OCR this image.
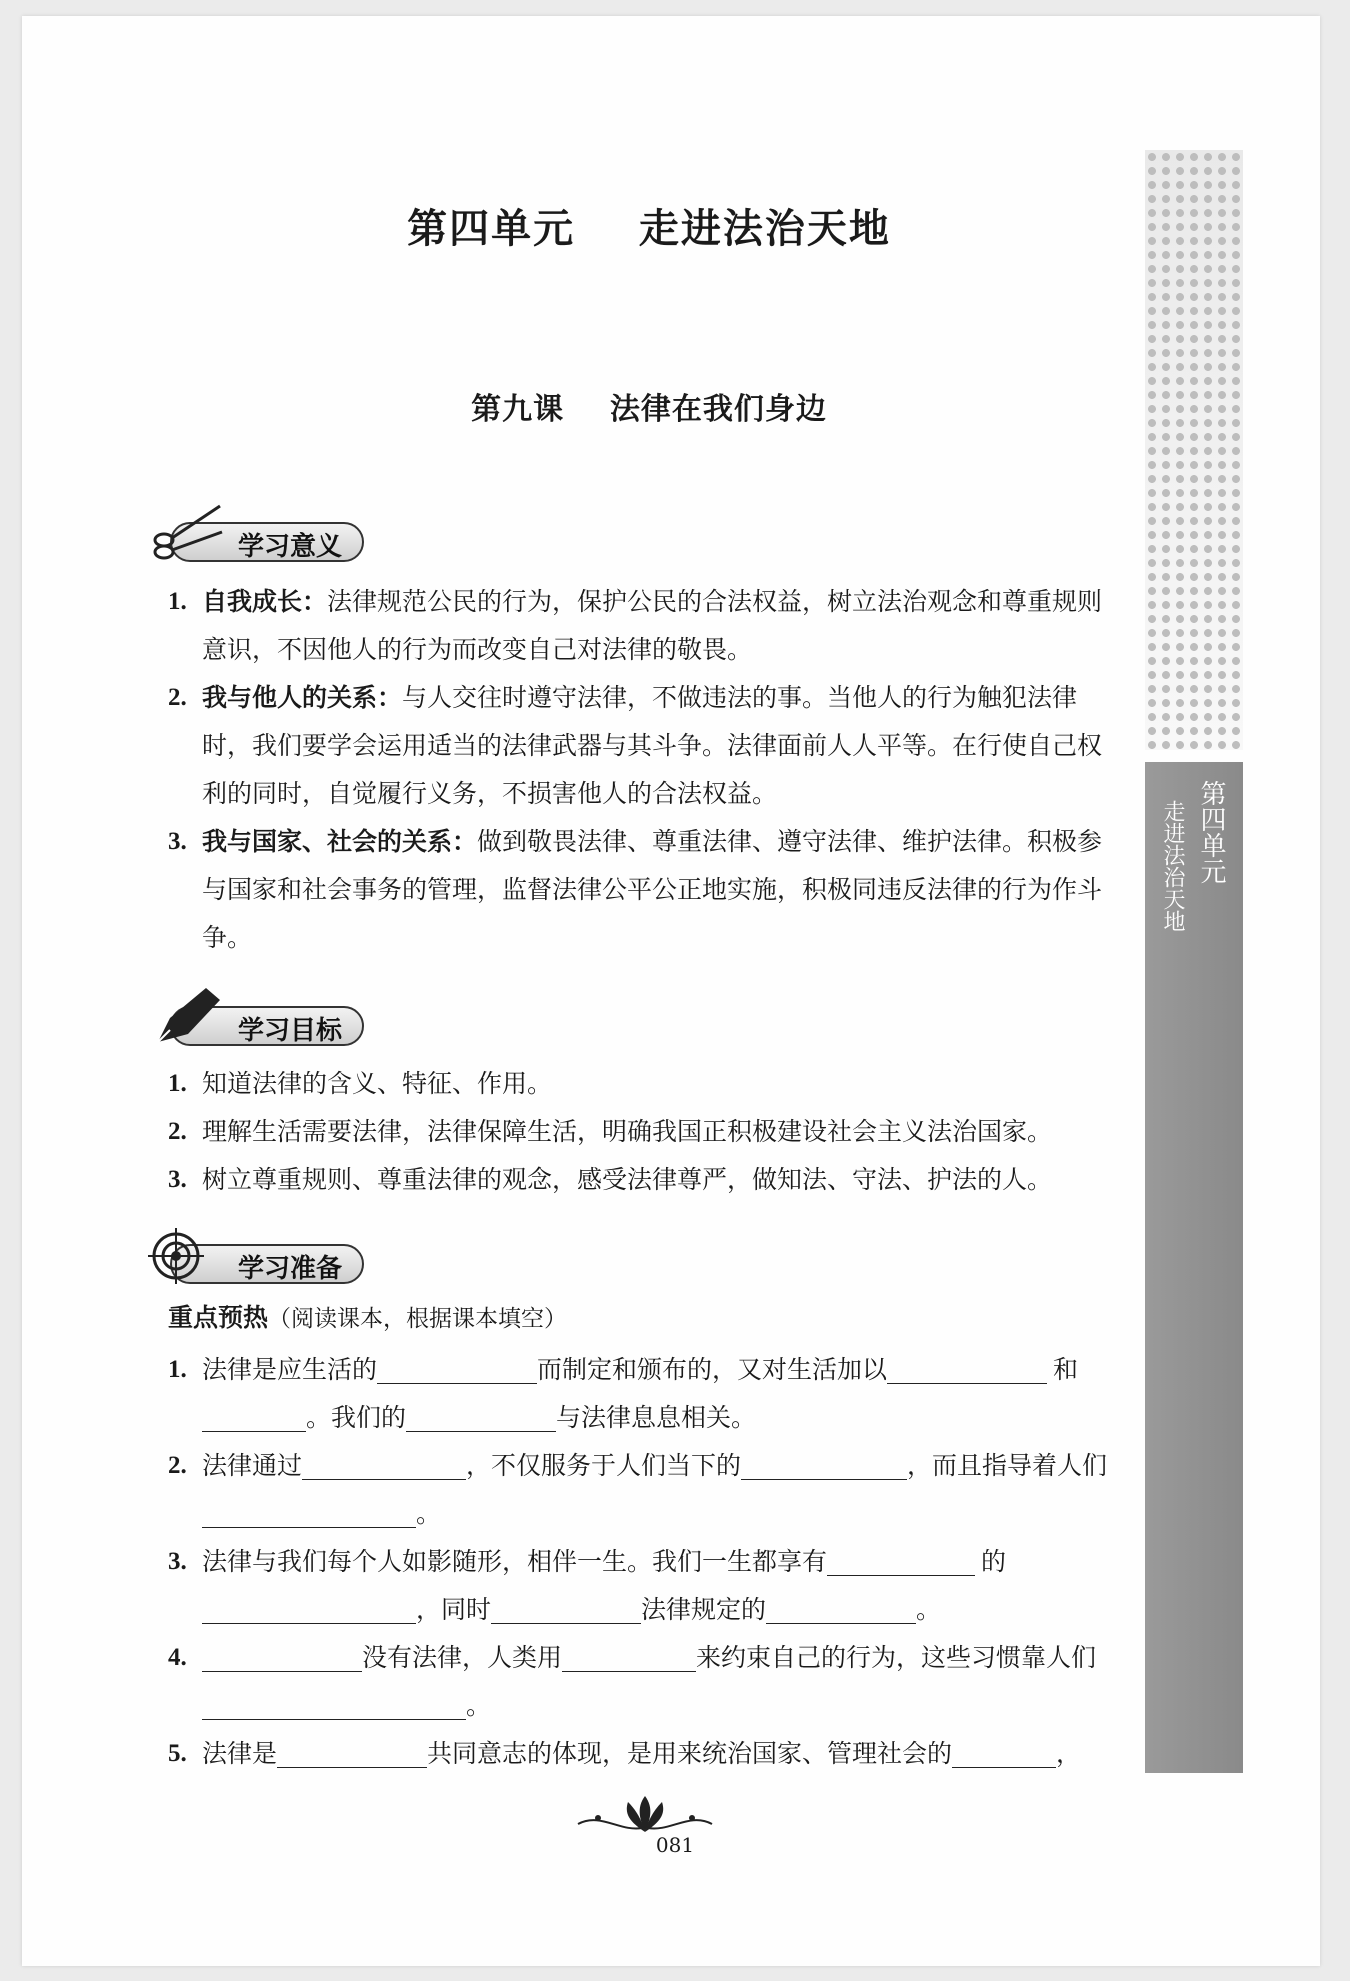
第四单元    走进法治天地
第九课    法律在我们身边
第四单元
走进法治天地
学习意义
1. 自我成长：法律规范公民的行为，保护公民的合法权益，树立法治观念和尊重规则意识，不因他人的行为而改变自己对法律的敬畏。
2. 我与他人的关系：与人交往时遵守法律，不做违法的事。当他人的行为触犯法律时，我们要学会运用适当的法律武器与其斗争。法律面前人人平等。在行使自己权利的同时，自觉履行义务，不损害他人的合法权益。
3. 我与国家、社会的关系：做到敬畏法律、尊重法律、遵守法律、维护法律。积极参与国家和社会事务的管理，监督法律公平公正地实施，积极同违反法律的行为作斗争。
学习目标
1. 知道法律的含义、特征、作用。
2. 理解生活需要法律，法律保障生活，明确我国正积极建设社会主义法治国家。
3. 树立尊重规则、尊重法律的观念，感受法律尊严，做知法、守法、护法的人。
学习准备
重点预热（阅读课本，根据课本填空）
1. 法律是应生活的	而制定和颁布的，又对生活加以	和
。我们的	与法律息息相关。
2. 法律通过	，不仅服务于人们当下的	，而且指导着人们。
3. 法律与我们每个人如影随形，相伴一生。我们一生都享有	的
，同时	法律规定的	。
4.	没有法律，人类用	来约束自己的行为，这些习惯靠人们。
5. 法律是	共同意志的体现，是用来统治国家、管理社会的	，
081
